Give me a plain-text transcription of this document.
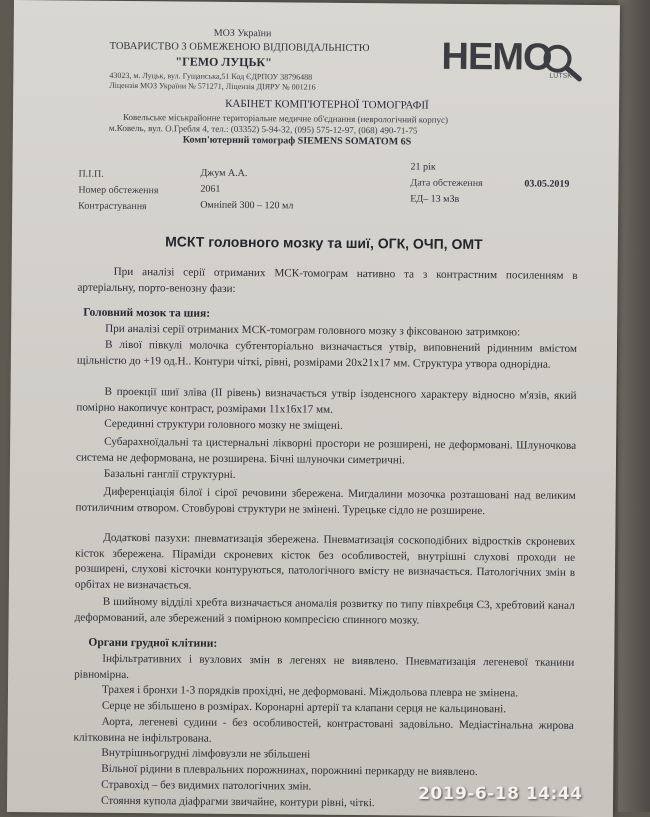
МОЗ України
ТОВАРИСТВО З ОБМЕЖЕНОЮ ВІДПОВІДАЛЬНІСТЮ
"ГЕМО ЛУЦЬК"
43023, м. Луцьк, вул. Гущанська,51 Код ЄДРПОУ 38796488
Ліцензія МОЗ України № 571271, Ліцензія ДІЯРУ № 001216
HEMO
LUTSK
КАБІНЕТ КОМП'ЮТЕРНОЇ ТОМОГРАФІЇ
Ковельське міськрайонне територіальне медичне об'єднання (неврологічний корпус)
м.Ковель, вул. О.Гребля 4, тел.: (03352) 5-94-32, (095) 575-12-97, (068) 490-71-75
Комп'ютерний томограф SIEMENS SOMATOM 6S
П.І.П.	Джум А.А.
21 рік
Номер обстеження	2061
Дата обстеження	03.05.2019
Контрастування	Омніпей 300 – 120 мл
ЕД– 13 мЗв
МСКТ головного мозку та шиї, ОГК, ОЧП, ОМТ
При аналізі серії отриманих МСК-томограм нативно та з контрастним посиленням в артеріальну, порто-венозну фази:
Головний мозок та шия:
При аналізі серії отриманих МСК-томограм головного мозку з фіксованою затримкою:
В лівої півкулі молочка субтенторіально визначається утвір, виповнений рідинним вмістом щільністю до +19 од.Н.. Контури чіткі, рівні, розмірами 20х21х17 мм. Структура утвора однорідна.
В проекції шиї зліва (II рівень) визначається утвір ізоденсного характеру відносно м'язів, який помірно накопичує контраст, розмірами 11х16х17 мм.
Серединні структури головного мозку не зміщені.
Субарахноїдальні та цистернальні лікворні простори не розширені, не деформовані. Шлуночкова система не деформована, не розширена. Бічні шлуночки симетричні.
Базальні ганглії структурні.
Диференціація білої і сірої речовини збережена. Мигдалини мозочка розташовані над великим потиличним отвором. Стовбурові структури не змінені. Турецьке сідло не розширене.
Додаткові пазухи: пневматизація збережена. Пневматизація соскоподібних відростків скроневих кісток збережена. Піраміди скроневих кісток без особливостей, внутрішні слухові проходи не розширені, слухові кісточки контуруються, патологічного вмісту не визначається. Патологічних змін в орбітах не визначається.
В шийному відділі хребта визначається аномалія розвитку по типу півхребця С3, хребтовий канал деформований, але збережений з помірною компресією спинного мозку.
Органи грудної клітини:
Інфільтративних і вузлових змін в легенях не виявлено. Пневматизація легеневої тканини рівномірна.
Трахея і бронхи 1-3 порядків прохідні, не деформовані. Міждольова плевра не змінена.
Серце не збільшено в розмірах. Коронарні артерії та клапани серця не кальциновані.
Аорта, легеневі судини - без особливостей, контрастовані задовільно. Медіастінальна жирова клітковина не інфільтрована.
Внутрішньогрудні лімфовузли не збільшені
Вільної рідини в плевральних порожнинах, порожнині перикарду не виявлено.
Стравохід – без видимих патологічних змін.
Стояння купола діафрагми звичайне, контури рівні, чіткі.	2019-6-18 14:44
